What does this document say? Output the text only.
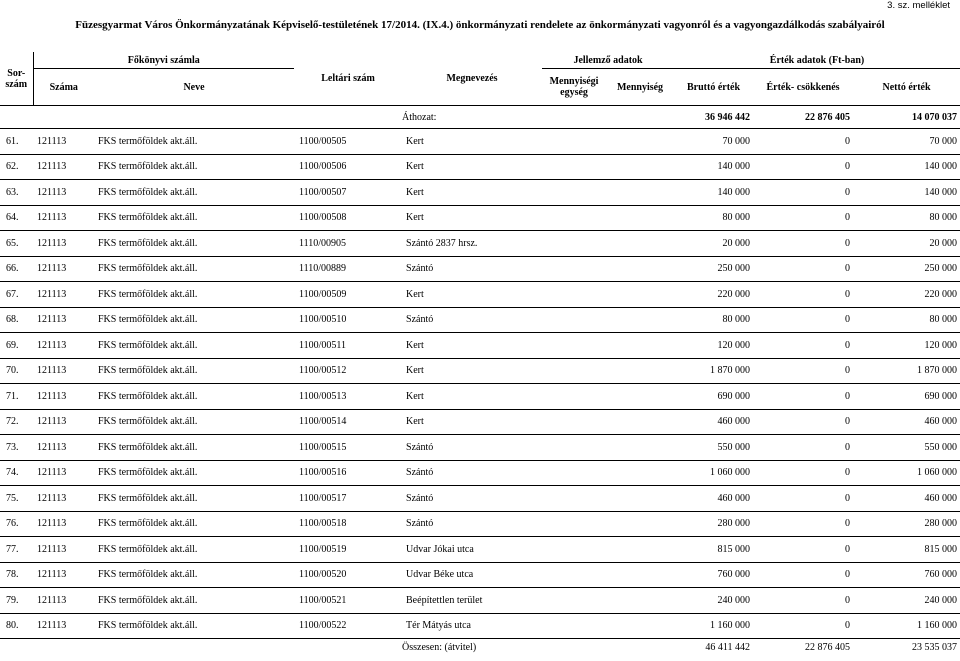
3. sz. melléklet
Füzesgyarmat Város Önkormányzatának Képviselő-testületének 17/2014. (IX.4.) önkormányzati rendelete az önkormányzati vagyonról és a vagyongazdálkodás szabályairól
Sor-szám	Főkönyvi számla		Leltári szám	Megnevezés	Jellemző adatok		Érték adatok (Ft-ban)		
	Száma	Neve			Mennyiségi egység	Mennyiség	Bruttó érték	Érték- csökkenés	Nettó érték
				Áthozat:			36 946 442	22 876 405	14 070 037
61.	121113	FKS termőföldek akt.áll.	1100/00505	Kert			70 000	0	70 000
62.	121113	FKS termőföldek akt.áll.	1100/00506	Kert			140 000	0	140 000
63.	121113	FKS termőföldek akt.áll.	1100/00507	Kert			140 000	0	140 000
64.	121113	FKS termőföldek akt.áll.	1100/00508	Kert			80 000	0	80 000
65.	121113	FKS termőföldek akt.áll.	1110/00905	Szántó 2837 hrsz.			20 000	0	20 000
66.	121113	FKS termőföldek akt.áll.	1110/00889	Szántó			250 000	0	250 000
67.	121113	FKS termőföldek akt.áll.	1100/00509	Kert			220 000	0	220 000
68.	121113	FKS termőföldek akt.áll.	1100/00510	Szántó			80 000	0	80 000
69.	121113	FKS termőföldek akt.áll.	1100/00511	Kert			120 000	0	120 000
70.	121113	FKS termőföldek akt.áll.	1100/00512	Kert			1 870 000	0	1 870 000
71.	121113	FKS termőföldek akt.áll.	1100/00513	Kert			690 000	0	690 000
72.	121113	FKS termőföldek akt.áll.	1100/00514	Kert			460 000	0	460 000
73.	121113	FKS termőföldek akt.áll.	1100/00515	Szántó			550 000	0	550 000
74.	121113	FKS termőföldek akt.áll.	1100/00516	Szántó			1 060 000	0	1 060 000
75.	121113	FKS termőföldek akt.áll.	1100/00517	Szántó			460 000	0	460 000
76.	121113	FKS termőföldek akt.áll.	1100/00518	Szántó			280 000	0	280 000
77.	121113	FKS termőföldek akt.áll.	1100/00519	Udvar Jókai utca			815 000	0	815 000
78.	121113	FKS termőföldek akt.áll.	1100/00520	Udvar Béke utca			760 000	0	760 000
79.	121113	FKS termőföldek akt.áll.	1100/00521	Beépítettlen terület			240 000	0	240 000
80.	121113	FKS termőföldek akt.áll.	1100/00522	Tér Mátyás utca			1 160 000	0	1 160 000
				Összesen: (átvitel)			46 411 442	22 876 405	23 535 037
